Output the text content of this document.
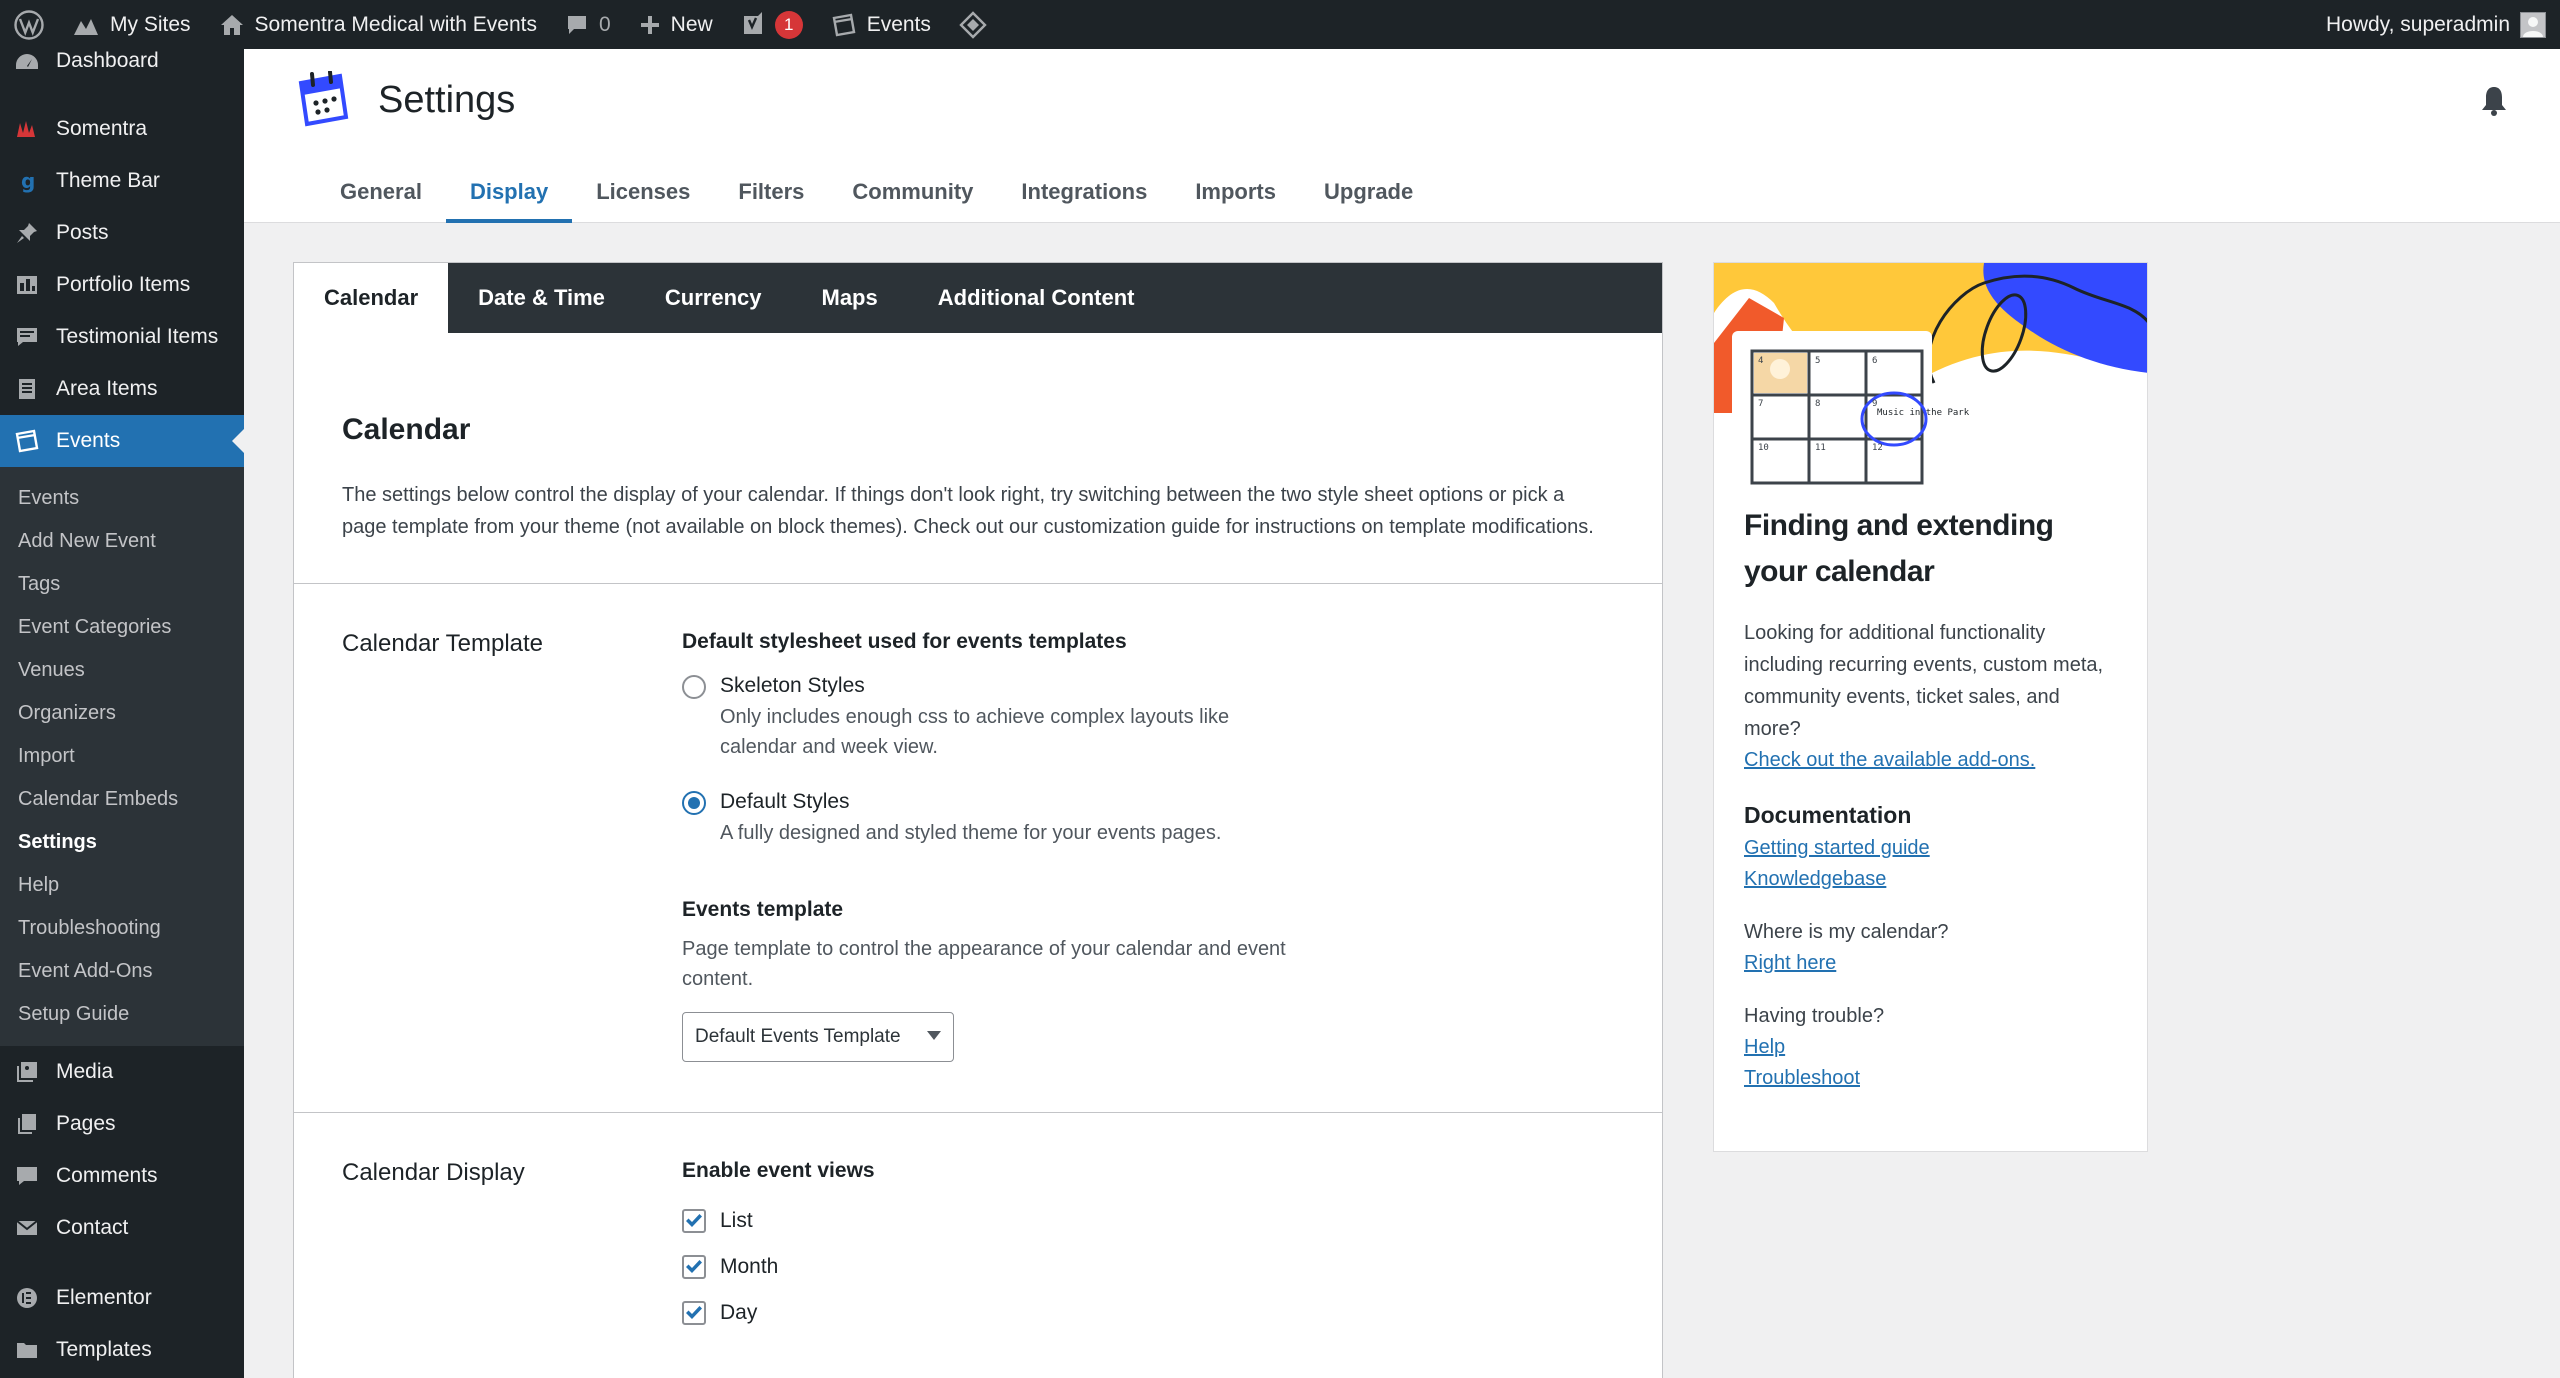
My Sites	Somentra Medical with Events	0	New	1	Events	Howdy, superadmin
Dashboard
Somentra
g Theme Bar
Posts
Portfolio Items
Testimonial Items
Area Items
Events
Events
Add New Event
Tags
Event Categories
Venues
Organizers
Import
Calendar Embeds
Settings
Help
Troubleshooting
Event Add-Ons
Setup Guide
Media
Pages
Comments
Contact
Elementor
Templates
Settings
General	Display	Licenses	Filters	Community	Integrations	Imports	Upgrade
Calendar	Date & Time	Currency	Maps	Additional Content
Calendar

The settings below control the display of your calendar. If things don't look right, try switching between the two style sheet options or pick a page template from your theme (not available on block themes). Check out our customization guide for instructions on template modifications.

Calendar Template	Default stylesheet used for events templates
Skeleton Styles
Only includes enough css to achieve complex layouts like calendar and week view.
Default Styles
A fully designed and styled theme for your events pages.
Events template
Page template to control the appearance of your calendar and event content.
Default Events Template
Calendar Display	Enable event views
List
Month
Day
4	5	6
7	8	9
10	11	12
Music in the Park
Finding and extending your calendar

Looking for additional functionality including recurring events, custom meta, community events, ticket sales, and more?

Check out the available add-ons.
Documentation
Getting started guide
Knowledgebase
Where is my calendar?
Right here
Having trouble?
Help
Troubleshoot
